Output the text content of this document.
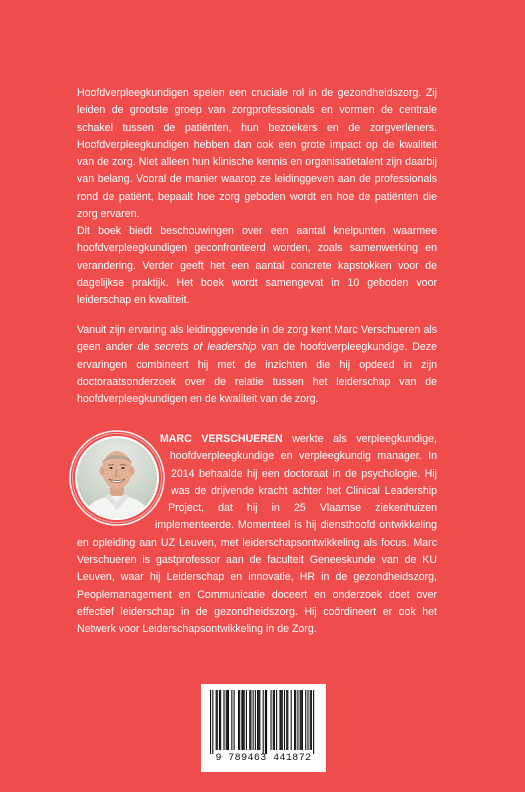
Hoofdverpleegkundigen spelen een cruciale rol in de gezondheidszorg. Zij leiden de grootste groep van zorgprofessionals en vormen de centrale schakel tussen de patiënten, hun bezoekers en de zorgverleners. Hoofdverpleegkundigen hebben dan ook een grote impact op de kwaliteit van de zorg. Niet alleen hun klinische kennis en organisatietalent zijn daarbij van belang. Vooral de manier waarop ze leidinggeven aan de professionals rond de patiënt, bepaalt hoe zorg geboden wordt en hoe de patiënten die zorg ervaren.

Dit boek biedt beschouwingen over een aantal knelpunten waarmee hoofdverpleegkundigen geconfronteerd worden, zoals samenwerking en verandering. Verder geeft het een aantal concrete kapstokken voor de dagelijkse praktijk. Het boek wordt samengevat in 10 geboden voor leiderschap en kwaliteit.

Vanuit zijn ervaring als leidinggevende in de zorg kent Marc Verschueren als geen ander de secrets of leadership van de hoofdverpleegkundige. Deze ervaringen combineert hij met de inzichten die hij opdeed in zijn doctoraatsonderzoek over de relatie tussen het leiderschap van de hoofdverpleegkundigen en de kwaliteit van de zorg.

MARC VERSCHUEREN werkte als verpleegkundige, hoofdverpleegkundige en verpleegkundig manager. In 2014 behaalde hij een doctoraat in de psychologie. Hij was de drijvende kracht achter het Clinical Leadership Project, dat hij in 25 Vlaamse ziekenhuizen implementeerde. Momenteel is hij diensthoofd ontwikkeling en opleiding aan UZ Leuven, met leiderschapsontwikkeling als focus. Marc Verschueren is gastprofessor aan de faculteit Geneeskunde van de KU Leuven, waar hij Leiderschap en innovatie, HR in de gezondheidszorg, Peoplemanagement en Communicatie doceert en onderzoek doet over effectief leiderschap in de gezondheidszorg. Hij coördineert er ook het Netwerk voor Leiderschapsontwikkeling in de Zorg.
9 789463 441872
